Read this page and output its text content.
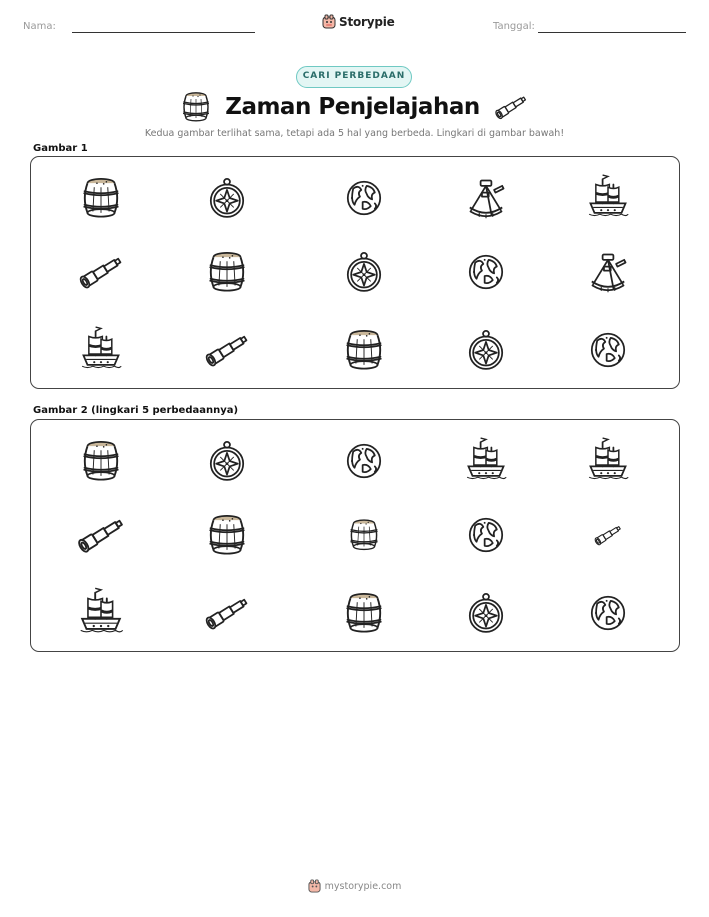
Nama:	Storypie	Tanggal:
CARI PERBEDAAN
Zaman Penjelajahan
Kedua gambar terlihat sama, tetapi ada 5 hal yang berbeda. Lingkari di gambar bawah!
Gambar 1
Gambar 2 (lingkari 5 perbedaannya)
mystorypie.com
